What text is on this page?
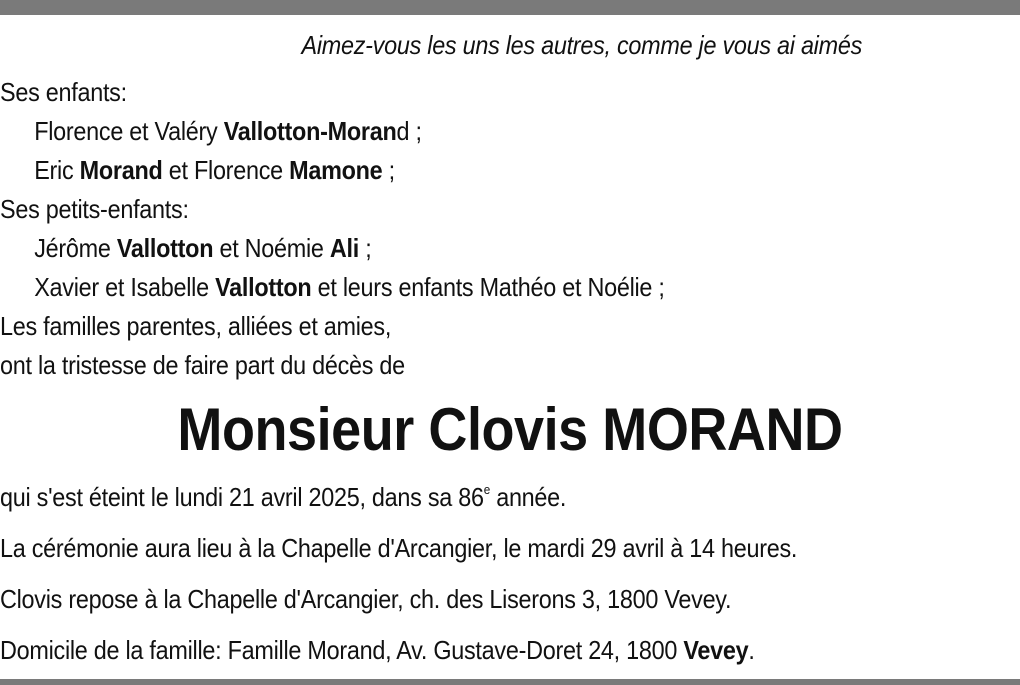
Aimez-vous les uns les autres, comme je vous ai aimés
Ses enfants:
Florence et Valéry Vallotton-Morand ;
Eric Morand et Florence Mamone ;
Ses petits-enfants:
Jérôme Vallotton et Noémie Ali ;
Xavier et Isabelle Vallotton et leurs enfants Mathéo et Noélie ;
Les familles parentes, alliées et amies,
ont la tristesse de faire part du décès de
qui s'est éteint le lundi 21 avril 2025, dans sa 86e année.
La cérémonie aura lieu à la Chapelle d'Arcangier, le mardi 29 avril à 14 heures.
Clovis repose à la Chapelle d'Arcangier, ch. des Liserons 3, 1800 Vevey.
Domicile de la famille: Famille Morand, Av. Gustave-Doret 24, 1800 Vevey.
Monsieur Clovis MORAND
